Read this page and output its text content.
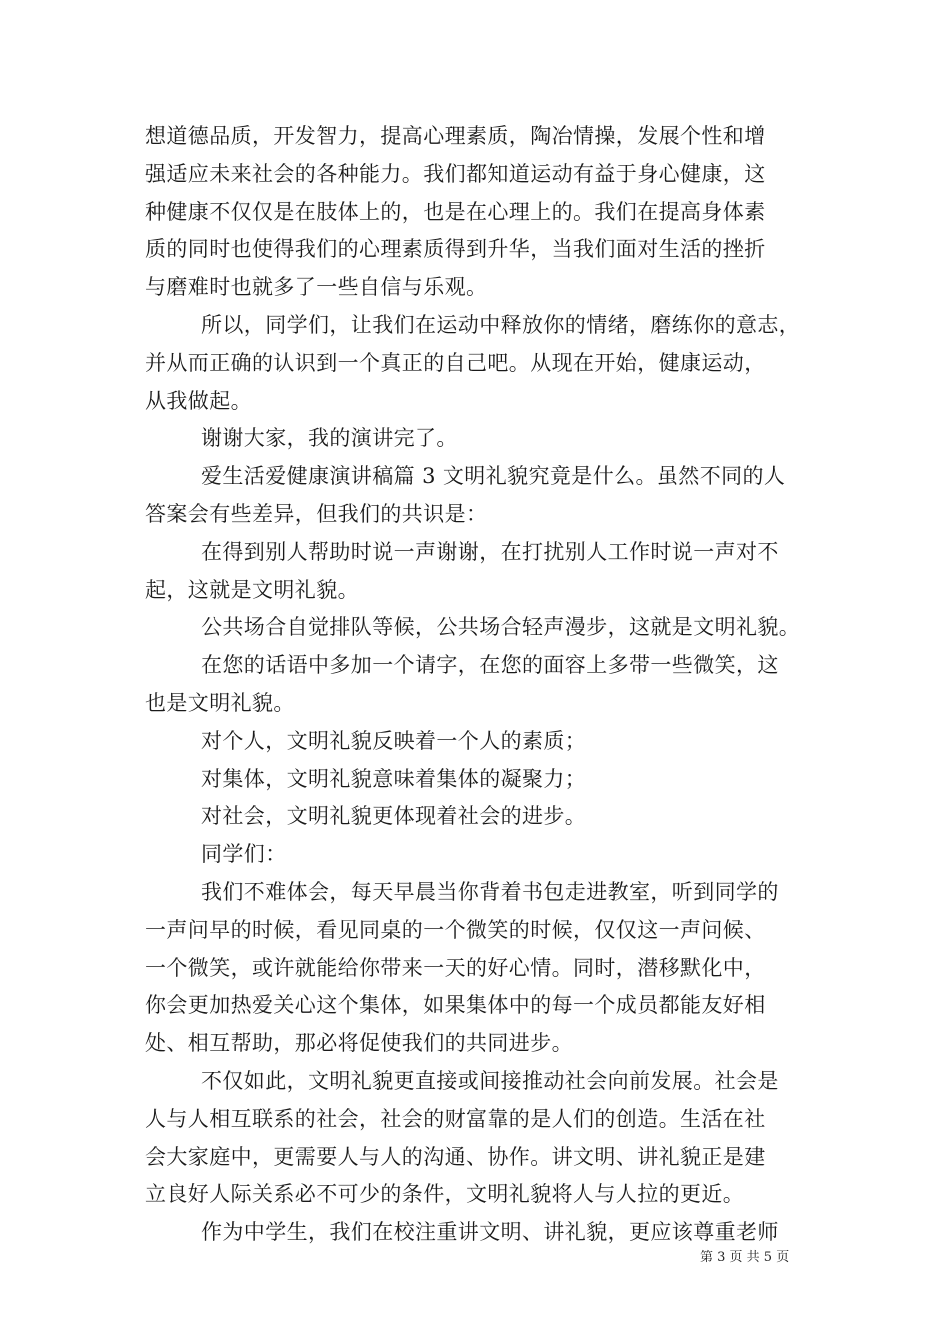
想道德品质，开发智力，提高心理素质，陶冶情操，发展个性和增
强适应未来社会的各种能力。我们都知道运动有益于身心健康，这
种健康不仅仅是在肢体上的，也是在心理上的。我们在提高身体素
质的同时也使得我们的心理素质得到升华，当我们面对生活的挫折
与磨难时也就多了一些自信与乐观。
所以，同学们，让我们在运动中释放你的情绪，磨练你的意志，
并从而正确的认识到一个真正的自己吧。从现在开始，健康运动，
从我做起。
谢谢大家，我的演讲完了。
爱生活爱健康演讲稿篇 3 文明礼貌究竟是什么。虽然不同的人
答案会有些差异，但我们的共识是：
在得到别人帮助时说一声谢谢，在打扰别人工作时说一声对不
起，这就是文明礼貌。
公共场合自觉排队等候，公共场合轻声漫步，这就是文明礼貌。
在您的话语中多加一个请字，在您的面容上多带一些微笑，这
也是文明礼貌。
对个人，文明礼貌反映着一个人的素质；
对集体，文明礼貌意味着集体的凝聚力；
对社会，文明礼貌更体现着社会的进步。
同学们：
我们不难体会，每天早晨当你背着书包走进教室，听到同学的
一声问早的时候，看见同桌的一个微笑的时候，仅仅这一声问候、
一个微笑，或许就能给你带来一天的好心情。同时，潜移默化中，
你会更加热爱关心这个集体，如果集体中的每一个成员都能友好相
处、相互帮助，那必将促使我们的共同进步。
不仅如此，文明礼貌更直接或间接推动社会向前发展。社会是
人与人相互联系的社会，社会的财富靠的是人们的创造。生活在社
会大家庭中，更需要人与人的沟通、协作。讲文明、讲礼貌正是建
立良好人际关系必不可少的条件，文明礼貌将人与人拉的更近。
作为中学生，我们在校注重讲文明、讲礼貌，更应该尊重老师
第 3 页 共 5 页
